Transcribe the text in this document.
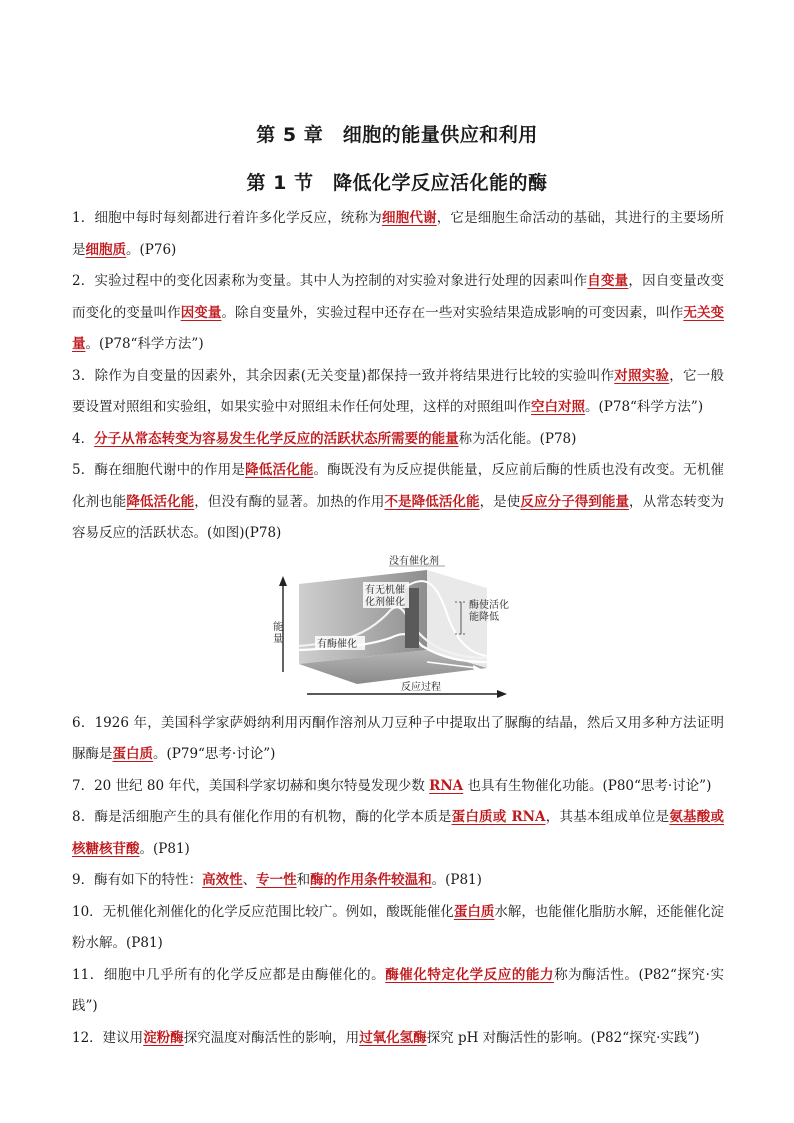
第 5 章　细胞的能量供应和利用
第 1 节　降低化学反应活化能的酶

1．细胞中每时每刻都进行着许多化学反应，统称为细胞代谢，它是细胞生命活动的基础，其进行的主要场所是细胞质。(P76)

2．实验过程中的变化因素称为变量。其中人为控制的对实验对象进行处理的因素叫作自变量，因自变量改变而变化的变量叫作因变量。除自变量外，实验过程中还存在一些对实验结果造成影响的可变因素，叫作无关变量。(P78“科学方法”)

3．除作为自变量的因素外，其余因素(无关变量)都保持一致并将结果进行比较的实验叫作对照实验，它一般要设置对照组和实验组，如果实验中对照组未作任何处理，这样的对照组叫作空白对照。(P78“科学方法”)

4．分子从常态转变为容易发生化学反应的活跃状态所需要的能量称为活化能。(P78)

5．酶在细胞代谢中的作用是降低活化能。酶既没有为反应提供能量，反应前后酶的性质也没有改变。无机催化剂也能降低活化能，但没有酶的显著。加热的作用不是降低活化能，是使反应分子得到能量，从常态转变为容易反应的活跃状态。(如图)(P78)

没有催化剂
有无机催
化剂催化
有酶催化
酶使活化
能降低
能
量
反应过程

6．1926 年，美国科学家萨姆纳利用丙酮作溶剂从刀豆种子中提取出了脲酶的结晶，然后又用多种方法证明脲酶是蛋白质。(P79“思考·讨论”)

7．20 世纪 80 年代，美国科学家切赫和奥尔特曼发现少数 RNA 也具有生物催化功能。(P80“思考·讨论”)

8．酶是活细胞产生的具有催化作用的有机物，酶的化学本质是蛋白质或 RNA，其基本组成单位是氨基酸或核糖核苷酸。(P81)

9．酶有如下的特性：高效性、专一性和酶的作用条件较温和。(P81)

10．无机催化剂催化的化学反应范围比较广。例如，酸既能催化蛋白质水解，也能催化脂肪水解，还能催化淀粉水解。(P81)

11．细胞中几乎所有的化学反应都是由酶催化的。酶催化特定化学反应的能力称为酶活性。(P82“探究·实践”)

12．建议用淀粉酶探究温度对酶活性的影响，用过氧化氢酶探究 pH 对酶活性的影响。(P82“探究·实践”)
